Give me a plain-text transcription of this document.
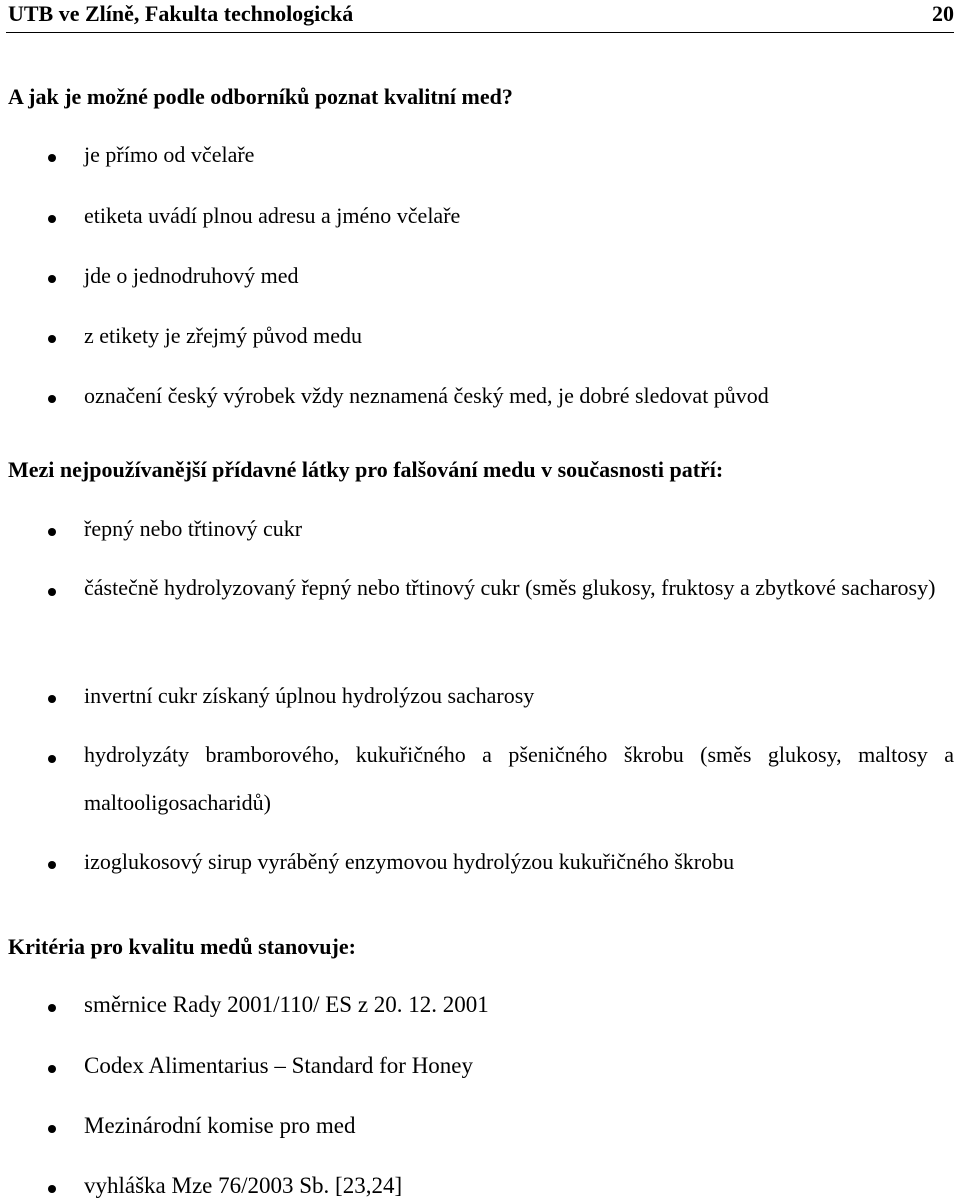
UTB ve Zlíně, Fakulta technologická	20
A jak je možné podle odborníků poznat kvalitní med?
je přímo od včelaře
etiketa uvádí plnou adresu a jméno včelaře
jde o jednodruhový med
z etikety je zřejmý původ medu
označení český výrobek vždy neznamená český med, je dobré sledovat původ
Mezi nejpoužívanější přídavné látky pro falšování medu v současnosti patří:
řepný nebo třtinový cukr
částečně hydrolyzovaný řepný nebo třtinový cukr (směs glukosy, fruktosy a zbytkové sacharosy)
invertní cukr získaný úplnou hydrolýzou sacharosy
hydrolyzáty bramborového, kukuřičného a pšeničného škrobu (směs glukosy, maltosy a maltooligosacharidů)
izoglukosový sirup vyráběný enzymovou hydrolýzou kukuřičného škrobu
Kritéria pro kvalitu medů stanovuje:
směrnice Rady 2001/110/ ES z 20. 12. 2001
Codex Alimentarius – Standard for Honey
Mezinárodní komise pro med
vyhláška Mze 76/2003 Sb. [23,24]
